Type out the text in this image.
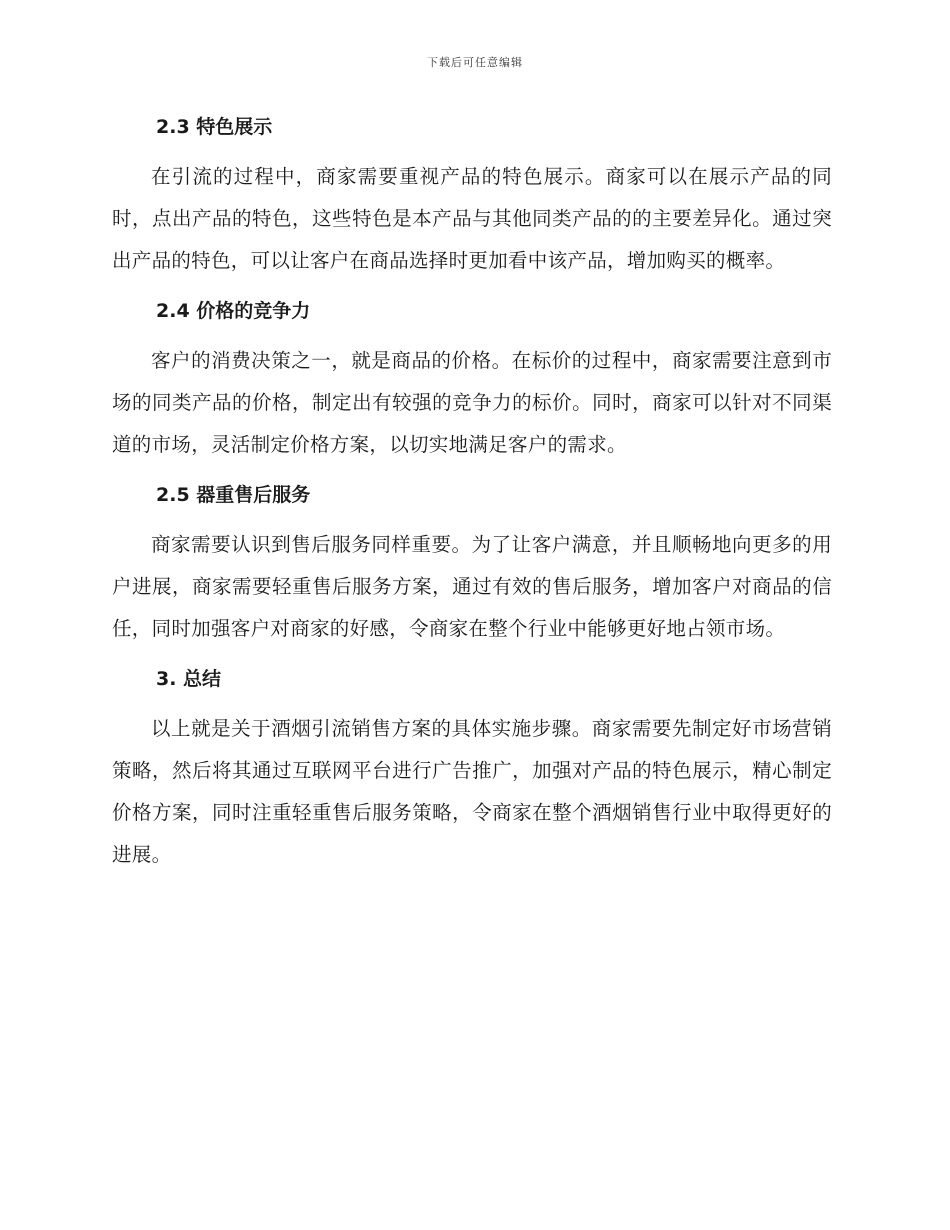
下载后可任意编辑
2.3 特色展示

在引流的过程中，商家需要重视产品的特色展示。商家可以在展示产品的同时，点出产品的特色，这些特色是本产品与其他同类产品的的主要差异化。通过突出产品的特色，可以让客户在商品选择时更加看中该产品，增加购买的概率。

2.4 价格的竞争力

客户的消费决策之一，就是商品的价格。在标价的过程中，商家需要注意到市场的同类产品的价格，制定出有较强的竞争力的标价。同时，商家可以针对不同渠道的市场，灵活制定价格方案，以切实地满足客户的需求。

2.5 器重售后服务

商家需要认识到售后服务同样重要。为了让客户满意，并且顺畅地向更多的用户进展，商家需要轻重售后服务方案，通过有效的售后服务，增加客户对商品的信任，同时加强客户对商家的好感，令商家在整个行业中能够更好地占领市场。

3. 总结

以上就是关于酒烟引流销售方案的具体实施步骤。商家需要先制定好市场营销策略，然后将其通过互联网平台进行广告推广，加强对产品的特色展示，精心制定价格方案，同时注重轻重售后服务策略，令商家在整个酒烟销售行业中取得更好的进展。
